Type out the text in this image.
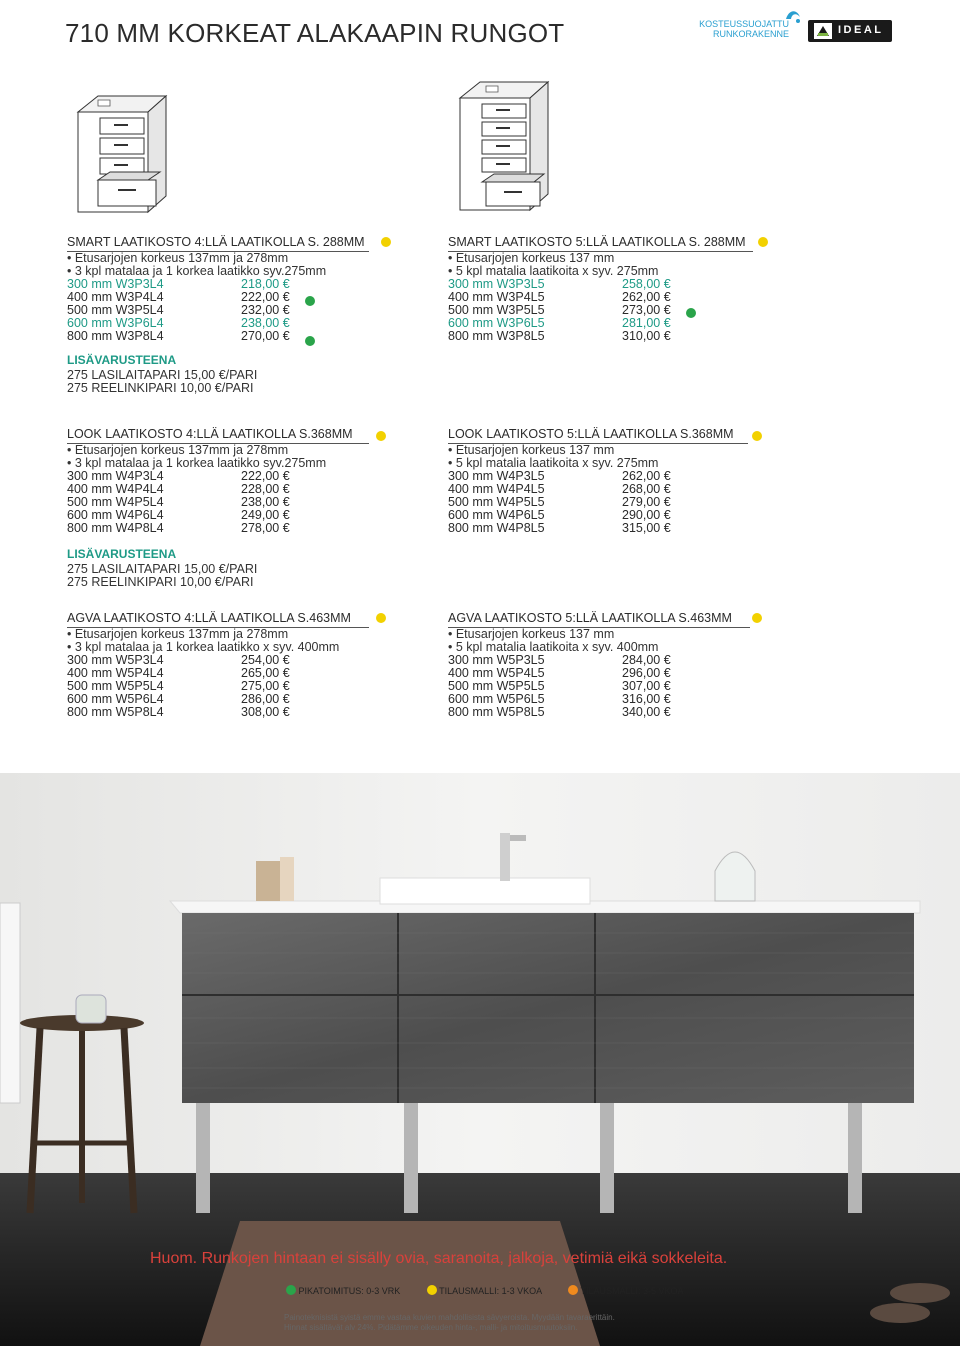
710 MM KORKEAT ALAKAAPIN RUNGOT	KOSTEUSSUOJATTU
RUNKORAKENNE	IDEAL
SMART LAATIKOSTO 4:LLÄ LAATIKOLLA S. 288MM
• Etusarjojen korkeus 137mm ja 278mm
• 3 kpl matalaa ja 1 korkea laatikko syv.275mm
300 mm W3P3L4	218,00 €
400 mm W3P4L4	222,00 €
500 mm W3P5L4	232,00 €
600 mm W3P6L4	238,00 €
800 mm W3P8L4	270,00 €
SMART LAATIKOSTO 5:LLÄ LAATIKOLLA S. 288MM
• Etusarjojen korkeus 137 mm
• 5 kpl matalia laatikoita x syv. 275mm
300 mm W3P3L5	258,00 €
400 mm W3P4L5	262,00 €
500 mm W3P5L5	273,00 €
600 mm W3P6L5	281,00 €
800 mm W3P8L5	310,00 €
LISÄVARUSTEENA
275 LASILAITAPARI 15,00 €/PARI
275 REELINKIPARI 10,00 €/PARI
LOOK LAATIKOSTO 4:LLÄ LAATIKOLLA S.368MM
• Etusarjojen korkeus 137mm ja 278mm
• 3 kpl matalaa ja 1 korkea laatikko syv.275mm
300 mm W4P3L4	222,00 €
400 mm W4P4L4	228,00 €
500 mm W4P5L4	238,00 €
600 mm W4P6L4	249,00 €
800 mm W4P8L4	278,00 €
LOOK LAATIKOSTO 5:LLÄ LAATIKOLLA S.368MM
• Etusarjojen korkeus 137 mm
• 5 kpl matalia laatikoita x syv. 275mm
300 mm W4P3L5	262,00 €
400 mm W4P4L5	268,00 €
500 mm W4P5L5	279,00 €
600 mm W4P6L5	290,00 €
800 mm W4P8L5	315,00 €
LISÄVARUSTEENA
275 LASILAITAPARI 15,00 €/PARI
275 REELINKIPARI 10,00 €/PARI
AGVA LAATIKOSTO 4:LLÄ LAATIKOLLA S.463MM
• Etusarjojen korkeus 137mm ja 278mm
• 3 kpl matalaa ja 1 korkea laatikko x syv. 400mm
300 mm W5P3L4	254,00 €
400 mm W5P4L4	265,00 €
500 mm W5P5L4	275,00 €
600 mm W5P6L4	286,00 €
800 mm W5P8L4	308,00 €
AGVA LAATIKOSTO 5:LLÄ LAATIKOLLA S.463MM
• Etusarjojen korkeus 137 mm
• 5 kpl matalia laatikoita x syv. 400mm
300 mm W5P3L5	284,00 €
400 mm W5P4L5	296,00 €
500 mm W5P5L5	307,00 €
600 mm W5P6L5	316,00 €
800 mm W5P8L5	340,00 €
Huom. Runkojen hintaan ei sisälly ovia, saranoita, jalkoja, vetimiä eikä sokkeleita.
PIKATOIMITUS: 0-3 VRK	TILAUSMALLI: 1-3 VKOA	TILAUSMALLI: 3-5 VKOA
Painoteknisistä syistä emme vastaa kuvien mahdollisista sävyeroista. Myydään tavaraerittäin.
Hinnat sisältävät alv 24%. Pidätämme oikeuden hinta-, malli- ja mitoitusmuutoksiin.
